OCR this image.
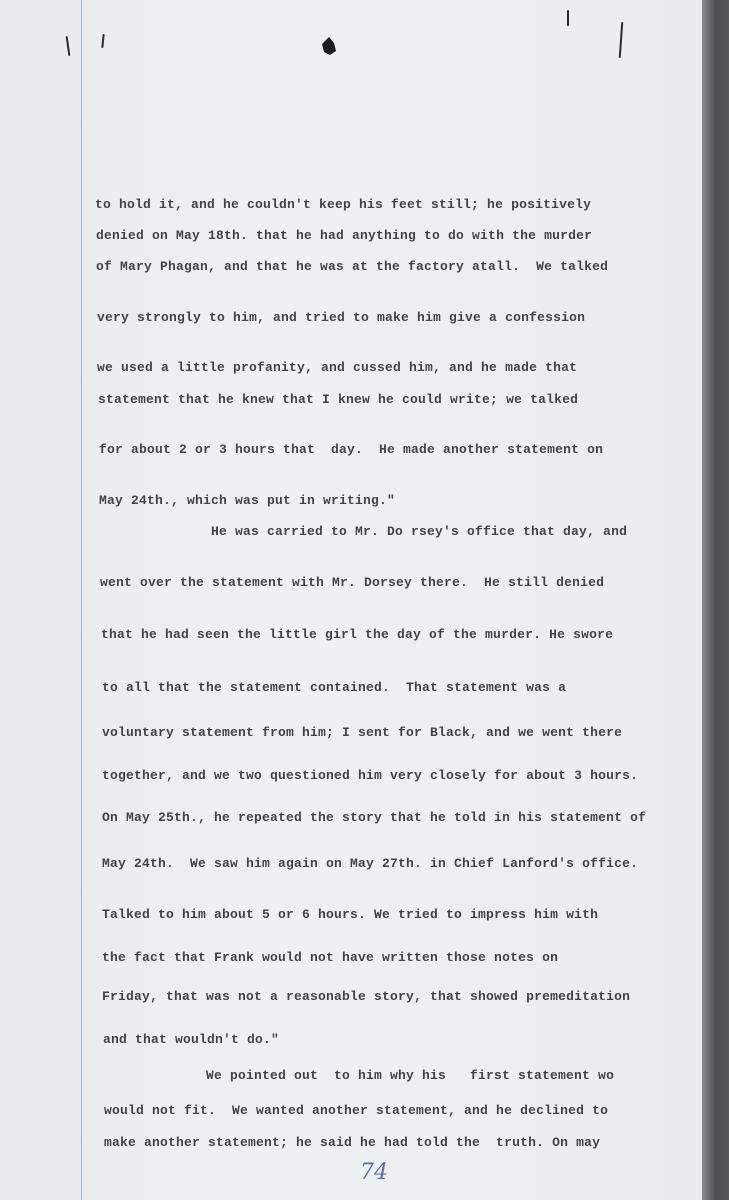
to hold it, and he couldn't keep his feet still; he positively
denied on May 18th. that he had anything to do with the murder
of Mary Phagan, and that he was at the factory atall.  We talked
very strongly to him, and tried to make him give a confession
we used a little profanity, and cussed him, and he made that
statement that he knew that I knew he could write; we talked
for about 2 or 3 hours that  day.  He made another statement on
May 24th., which was put in writing."
He was carried to Mr. Do rsey's office that day, and
went over the statement with Mr. Dorsey there.  He still denied
that he had seen the little girl the day of the murder. He swore
to all that the statement contained.  That statement was a
voluntary statement from him; I sent for Black, and we went there
together, and we two questioned him very closely for about 3 hours.
On May 25th., he repeated the story that he told in his statement of
May 24th.  We saw him again on May 27th. in Chief Lanford's office.
Talked to him about 5 or 6 hours. We tried to impress him with
the fact that Frank would not have written those notes on
Friday, that was not a reasonable story, that showed premeditation
and that wouldn't do."
We pointed out  to him why his   first statement wo
would not fit.  We wanted another statement, and he declined to
make another statement; he said he had told the  truth. On may
74
